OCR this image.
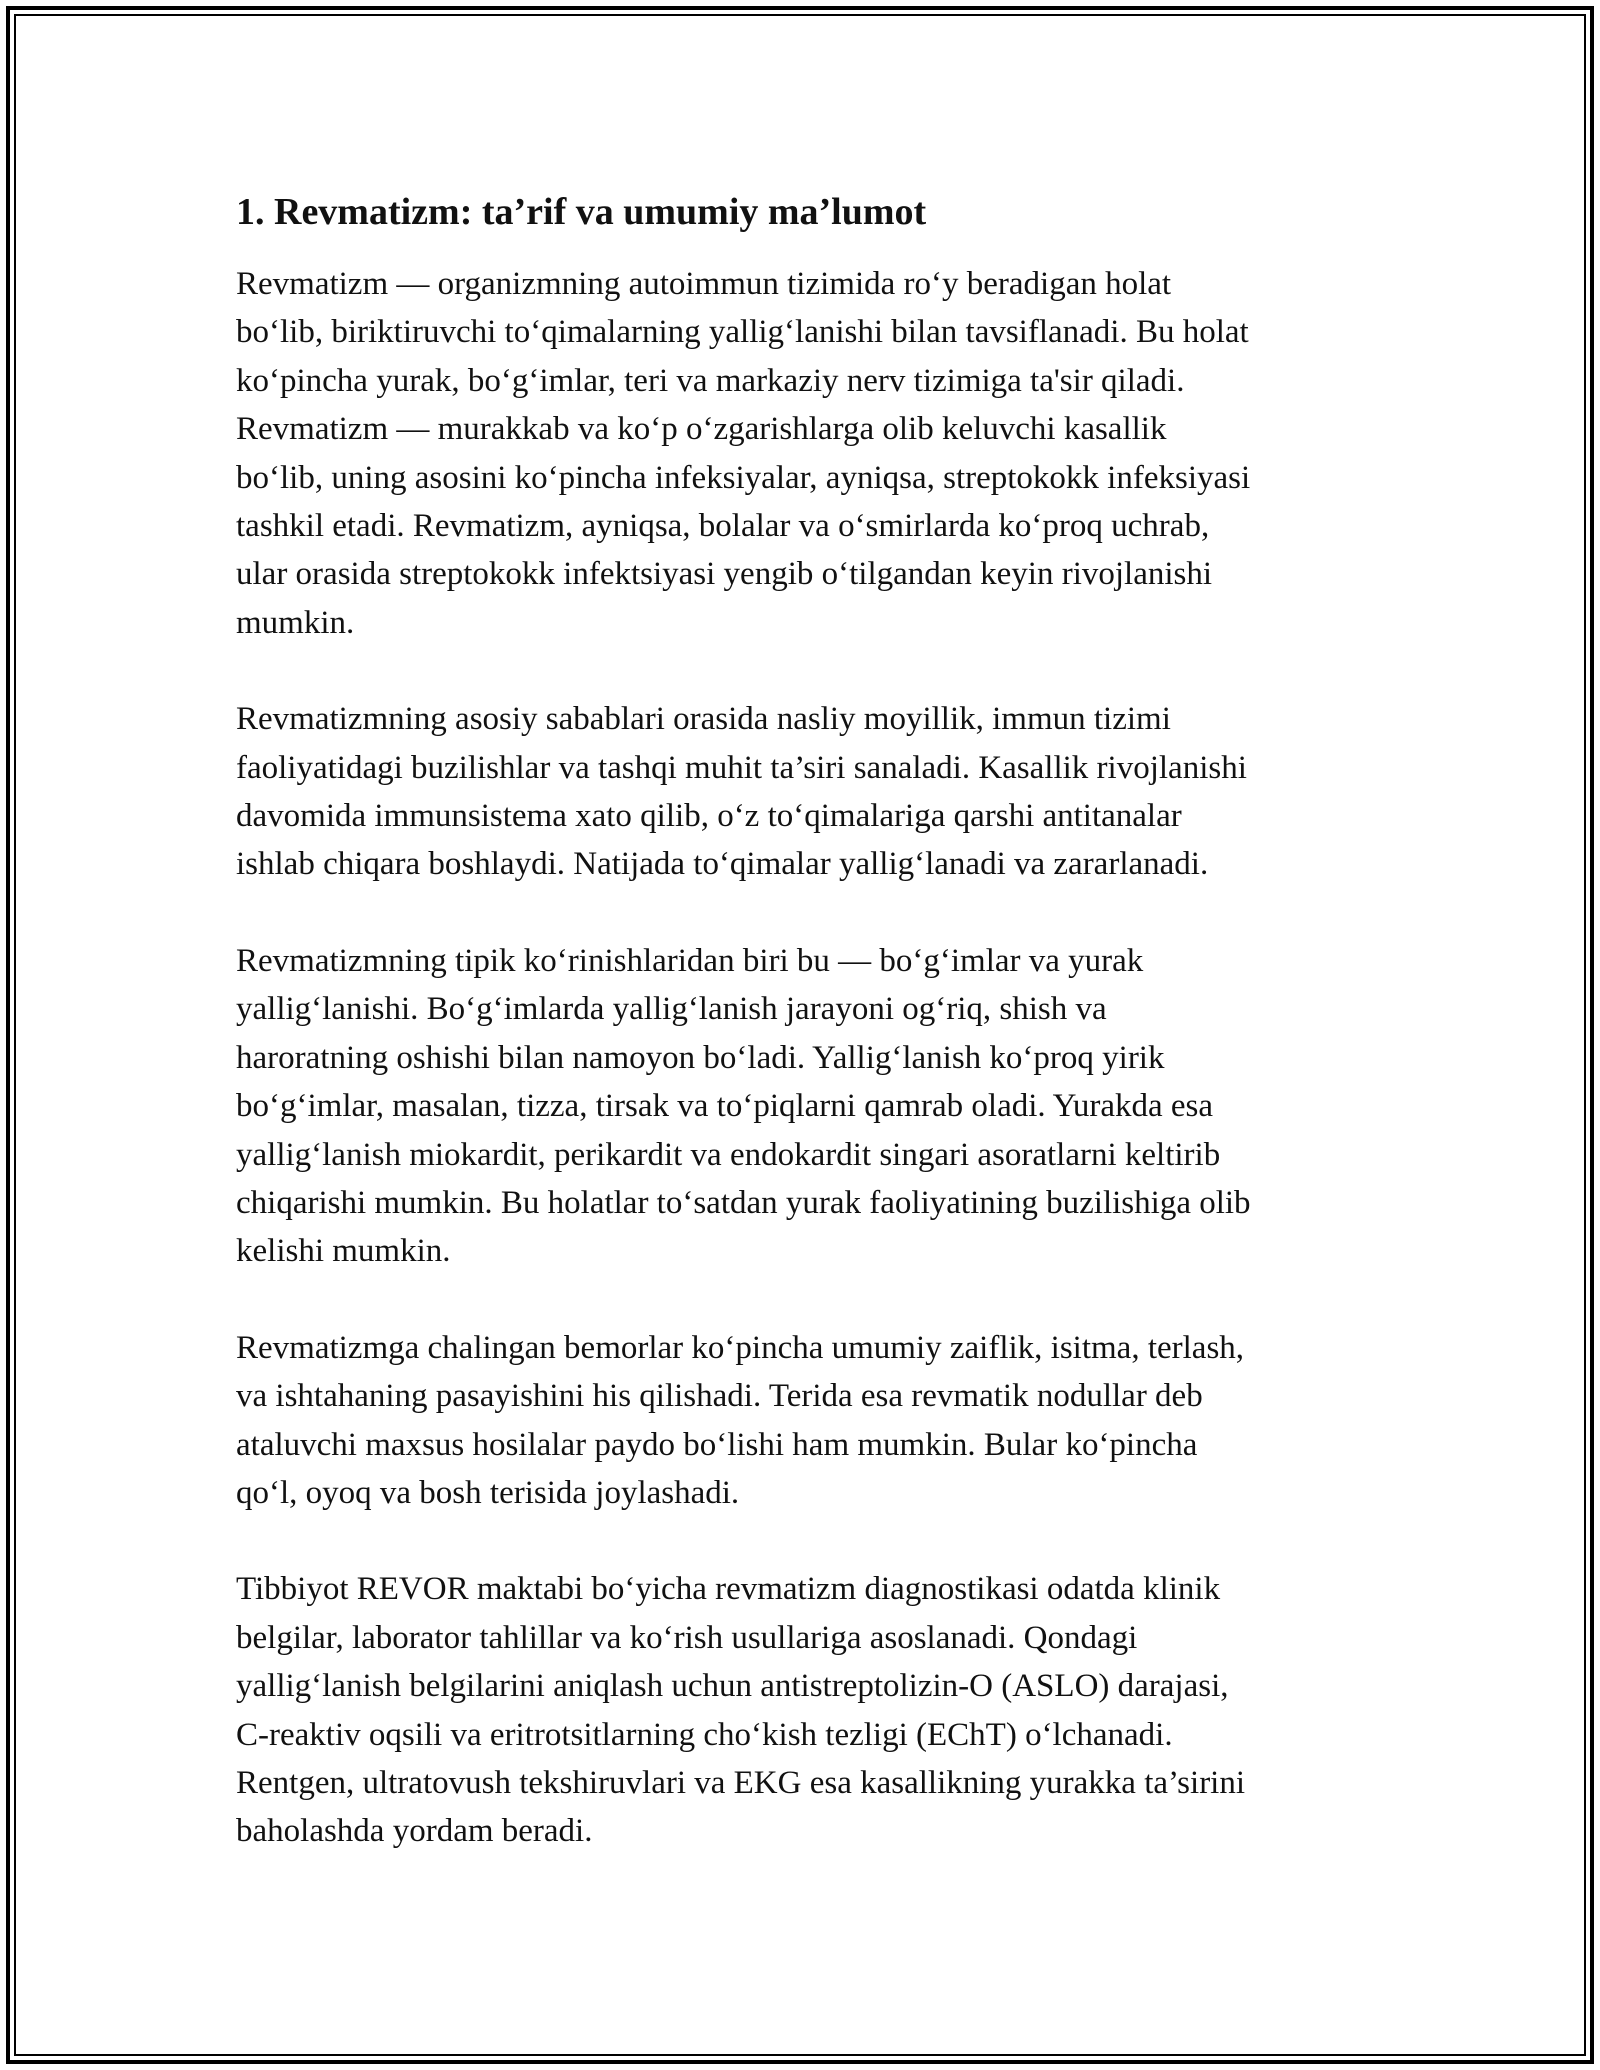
1. Revmatizm: ta’rif va umumiy ma’lumot
Revmatizm — organizmning autoimmun tizimida ro‘y beradigan holat
bo‘lib, biriktiruvchi to‘qimalarning yallig‘lanishi bilan tavsiflanadi. Bu holat
ko‘pincha yurak, bo‘g‘imlar, teri va markaziy nerv tizimiga ta'sir qiladi.
Revmatizm — murakkab va ko‘p o‘zgarishlarga olib keluvchi kasallik
bo‘lib, uning asosini ko‘pincha infeksiyalar, ayniqsa, streptokokk infeksiyasi
tashkil etadi. Revmatizm, ayniqsa, bolalar va o‘smirlarda ko‘proq uchrab,
ular orasida streptokokk infektsiyasi yengib o‘tilgandan keyin rivojlanishi
mumkin.
Revmatizmning asosiy sabablari orasida nasliy moyillik, immun tizimi
faoliyatidagi buzilishlar va tashqi muhit ta’siri sanaladi. Kasallik rivojlanishi
davomida immunsistema xato qilib, o‘z to‘qimalariga qarshi antitanalar
ishlab chiqara boshlaydi. Natijada to‘qimalar yallig‘lanadi va zararlanadi.
Revmatizmning tipik ko‘rinishlaridan biri bu — bo‘g‘imlar va yurak
yallig‘lanishi. Bo‘g‘imlarda yallig‘lanish jarayoni og‘riq, shish va
haroratning oshishi bilan namoyon bo‘ladi. Yallig‘lanish ko‘proq yirik
bo‘g‘imlar, masalan, tizza, tirsak va to‘piqlarni qamrab oladi. Yurakda esa
yallig‘lanish miokardit, perikardit va endokardit singari asoratlarni keltirib
chiqarishi mumkin. Bu holatlar to‘satdan yurak faoliyatining buzilishiga olib
kelishi mumkin.
Revmatizmga chalingan bemorlar ko‘pincha umumiy zaiflik, isitma, terlash,
va ishtahaning pasayishini his qilishadi. Terida esa revmatik nodullar deb
ataluvchi maxsus hosilalar paydo bo‘lishi ham mumkin. Bular ko‘pincha
qo‘l, oyoq va bosh terisida joylashadi.
Tibbiyot REVOR maktabi bo‘yicha revmatizm diagnostikasi odatda klinik
belgilar, laborator tahlillar va ko‘rish usullariga asoslanadi. Qondagi
yallig‘lanish belgilarini aniqlash uchun antistreptolizin-O (ASLO) darajasi,
C-reaktiv oqsili va eritrotsitlarning cho‘kish tezligi (EChT) o‘lchanadi.
Rentgen, ultratovush tekshiruvlari va EKG esa kasallikning yurakka ta’sirini
baholashda yordam beradi.
